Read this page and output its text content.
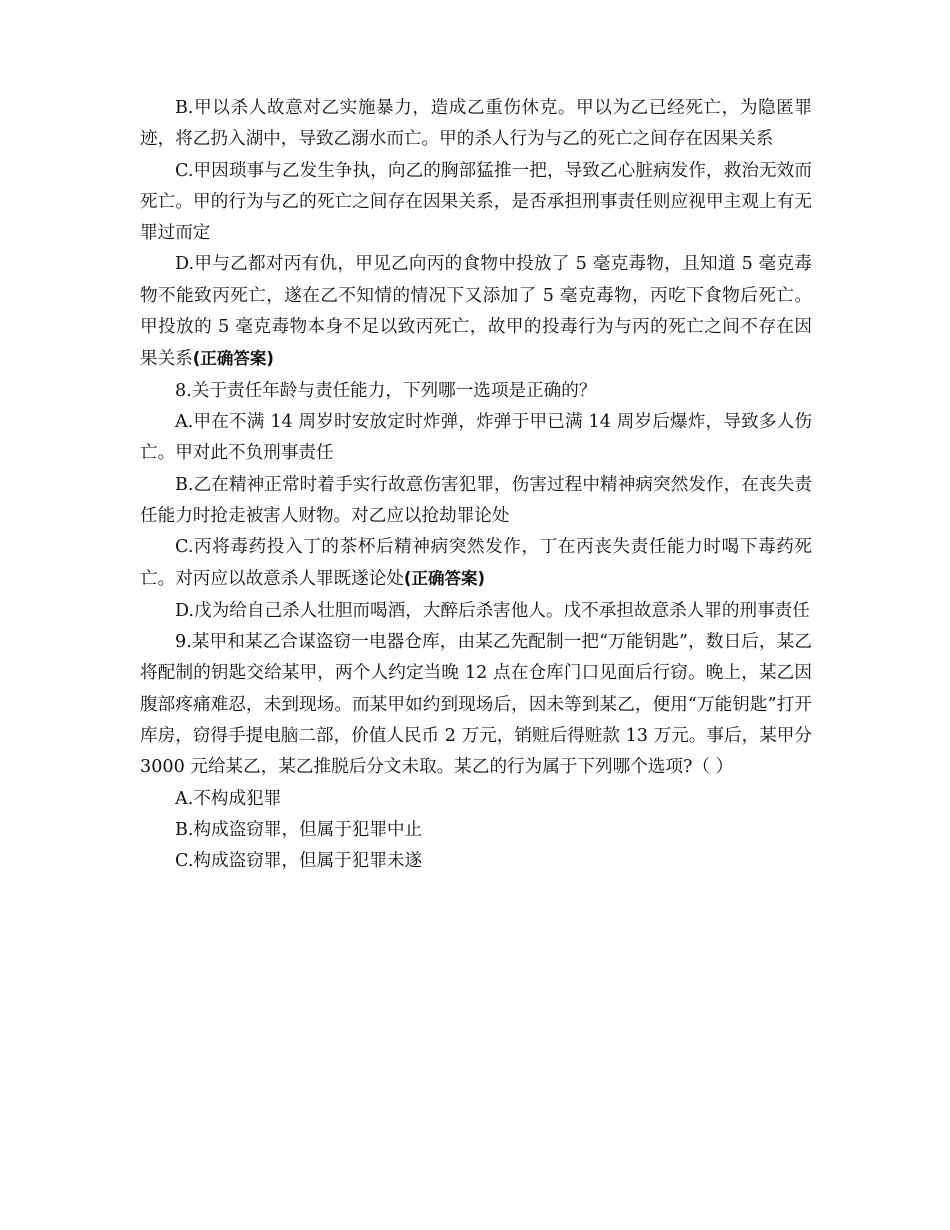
B.甲以杀人故意对乙实施暴力，造成乙重伤休克。甲以为乙已经死亡，为隐匿罪迹，将乙扔入湖中，导致乙溺水而亡。甲的杀人行为与乙的死亡之间存在因果关系

C.甲因琐事与乙发生争执，向乙的胸部猛推一把，导致乙心脏病发作，救治无效而死亡。甲的行为与乙的死亡之间存在因果关系，是否承担刑事责任则应视甲主观上有无罪过而定

D.甲与乙都对丙有仇，甲见乙向丙的食物中投放了 5 毫克毒物，且知道 5 毫克毒物不能致丙死亡，遂在乙不知情的情况下又添加了 5 毫克毒物，丙吃下食物后死亡。甲投放的 5 毫克毒物本身不足以致丙死亡，故甲的投毒行为与丙的死亡之间不存在因果关系(正确答案)

8.关于责任年龄与责任能力，下列哪一选项是正确的？

A.甲在不满 14 周岁时安放定时炸弹，炸弹于甲已满 14 周岁后爆炸，导致多人伤亡。甲对此不负刑事责任

B.乙在精神正常时着手实行故意伤害犯罪，伤害过程中精神病突然发作，在丧失责任能力时抢走被害人财物。对乙应以抢劫罪论处

C.丙将毒药投入丁的茶杯后精神病突然发作，丁在丙丧失责任能力时喝下毒药死亡。对丙应以故意杀人罪既遂论处(正确答案)

D.戊为给自己杀人壮胆而喝酒，大醉后杀害他人。戊不承担故意杀人罪的刑事责任

9.某甲和某乙合谋盗窃一电器仓库，由某乙先配制一把“万能钥匙”，数日后，某乙将配制的钥匙交给某甲，两个人约定当晚 12 点在仓库门口见面后行窃。晚上，某乙因腹部疼痛难忍，未到现场。而某甲如约到现场后，因未等到某乙，便用“万能钥匙”打开库房，窃得手提电脑二部，价值人民币 2 万元，销赃后得赃款 13 万元。事后，某甲分 3000 元给某乙，某乙推脱后分文未取。某乙的行为属于下列哪个选项?（ ）

A.不构成犯罪

B.构成盗窃罪，但属于犯罪中止

C.构成盗窃罪，但属于犯罪未遂
